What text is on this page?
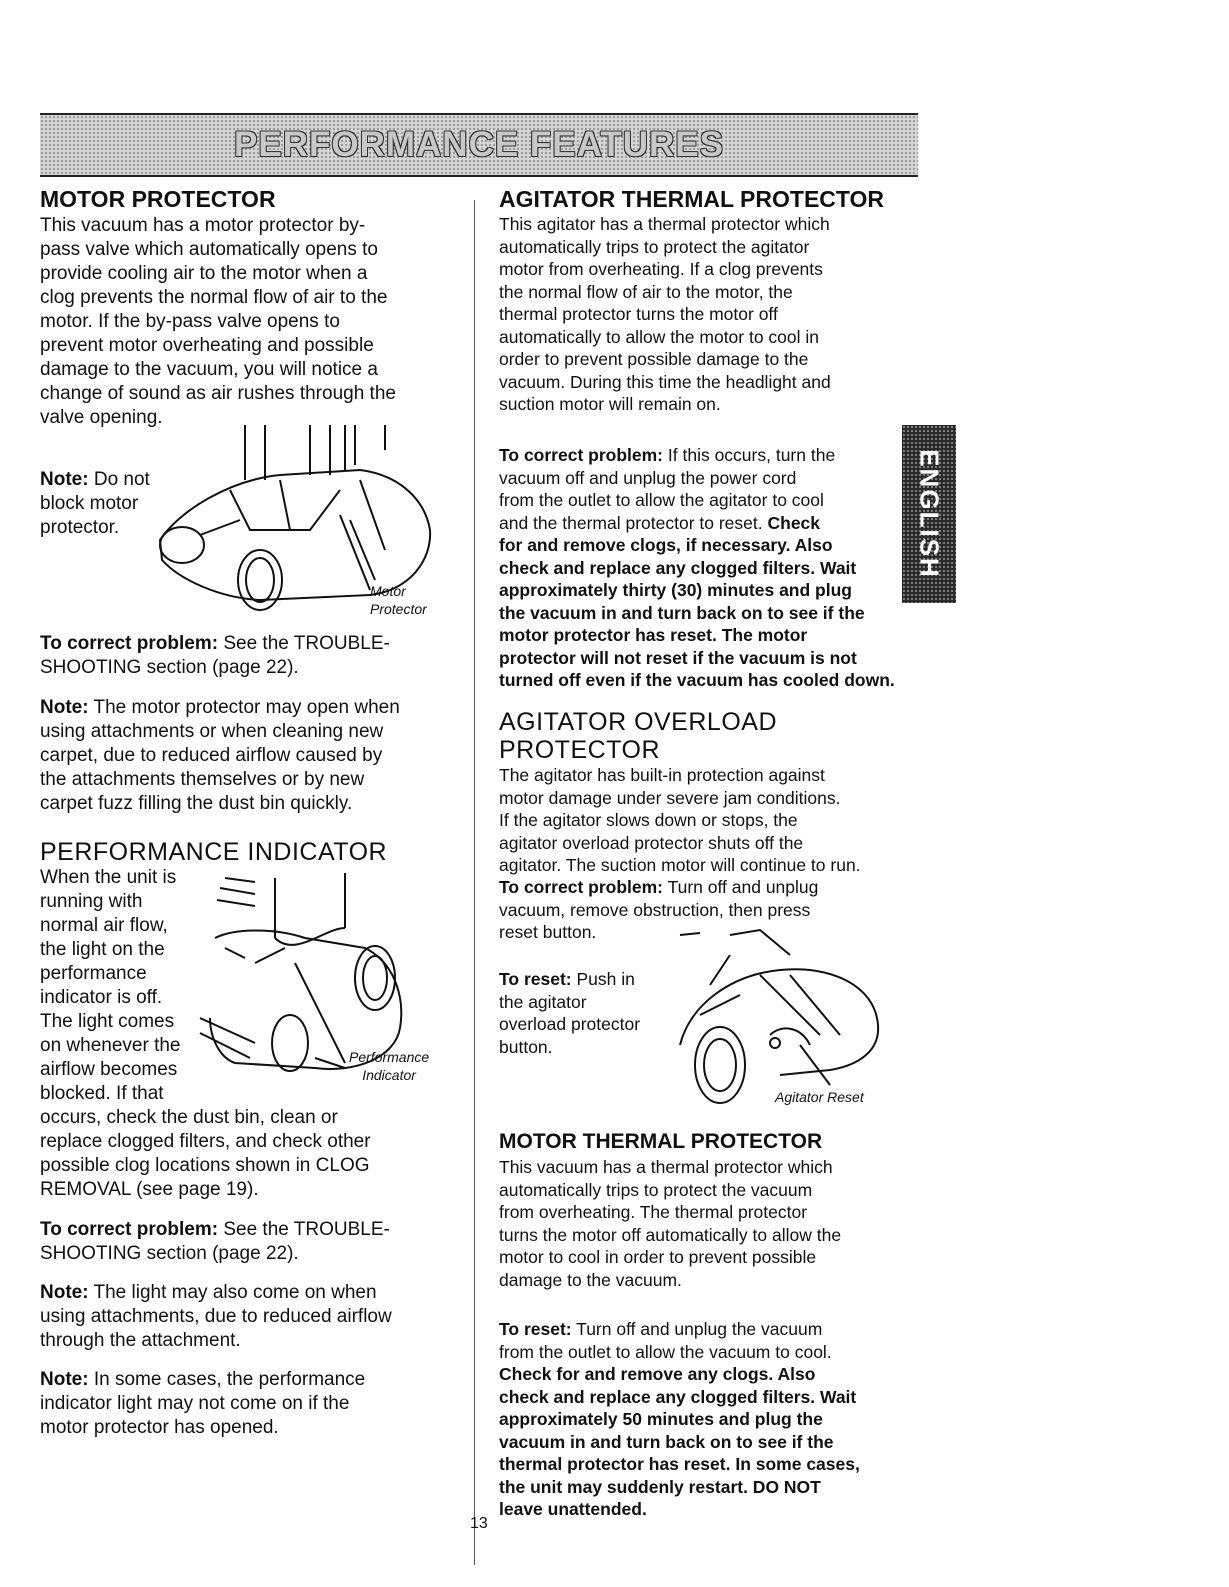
PERFORMANCE FEATURES
ENGLISH
MOTOR PROTECTOR
This vacuum has a motor protector by-
pass valve which automatically opens to
provide cooling air to the motor when a
clog prevents the normal flow of air to the
motor. If the by-pass valve opens to
prevent motor overheating and possible
damage to the vacuum, you will notice a
change of sound as air rushes through the
valve opening.
Note: Do not
block motor
protector.
Motor
Protector
To correct problem: See the TROUBLE-
SHOOTING section (page 22).
Note: The motor protector may open when
using attachments or when cleaning new
carpet, due to reduced airflow caused by
the attachments themselves or by new
carpet fuzz filling the dust bin quickly.
PERFORMANCE INDICATOR
When the unit is
running with
normal air flow,
the light on the
performance
indicator is off.
The light comes
on whenever the
airflow becomes
blocked. If that
Performance
Indicator
occurs, check the dust bin, clean or
replace clogged filters, and check other
possible clog locations shown in CLOG
REMOVAL (see page 19).
To correct problem: See the TROUBLE-
SHOOTING section (page 22).
Note: The light may also come on when
using attachments, due to reduced airflow
through the attachment.
Note: In some cases, the performance
indicator light may not come on if the
motor protector has opened.
AGITATOR THERMAL PROTECTOR
This agitator has a thermal protector which
automatically trips to protect the agitator
motor from overheating. If a clog prevents
the normal flow of air to the motor, the
thermal protector turns the motor off
automatically to allow the motor to cool in
order to prevent possible damage to the
vacuum. During this time the headlight and
suction motor will remain on.
To correct problem: If this occurs, turn the
vacuum off and unplug the power cord
from the outlet to allow the agitator to cool
and the thermal protector to reset. Check
for and remove clogs, if necessary. Also
check and replace any clogged filters. Wait
approximately thirty (30) minutes and plug
the vacuum in and turn back on to see if the
motor protector has reset. The motor
protector will not reset if the vacuum is not
turned off even if the vacuum has cooled down.
AGITATOR OVERLOAD PROTECTOR
The agitator has built-in protection against
motor damage under severe jam conditions.
If the agitator slows down or stops, the
agitator overload protector shuts off the
agitator. The suction motor will continue to run.
To correct problem: Turn off and unplug
vacuum, remove obstruction, then press
reset button.
To reset: Push in
the agitator
overload protector
button.
Agitator Reset
MOTOR THERMAL PROTECTOR
This vacuum has a thermal protector which
automatically trips to protect the vacuum
from overheating. The thermal protector
turns the motor off automatically to allow the
motor to cool in order to prevent possible
damage to the vacuum.
To reset: Turn off and unplug the vacuum
from the outlet to allow the vacuum to cool.
Check for and remove any clogs. Also
check and replace any clogged filters. Wait
approximately 50 minutes and plug the
vacuum in and turn back on to see if the
thermal protector has reset. In some cases,
the unit may suddenly restart. DO NOT
leave unattended.
13
